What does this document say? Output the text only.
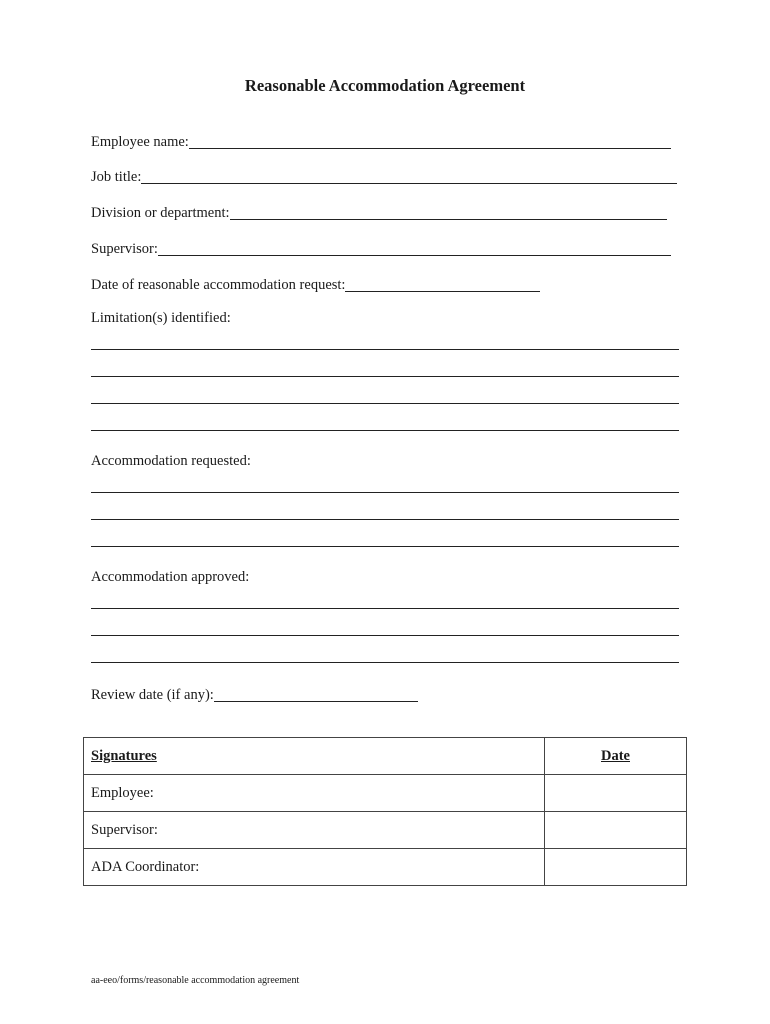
Reasonable Accommodation Agreement
Employee name:
Job title:
Division or department:
Supervisor:
Date of reasonable accommodation request:
Limitation(s) identified:
Accommodation requested:
Accommodation approved:
Review date (if any):
Signatures	Date
Employee:	
Supervisor:	
ADA Coordinator:	
aa-eeo/forms/reasonable accommodation agreement
